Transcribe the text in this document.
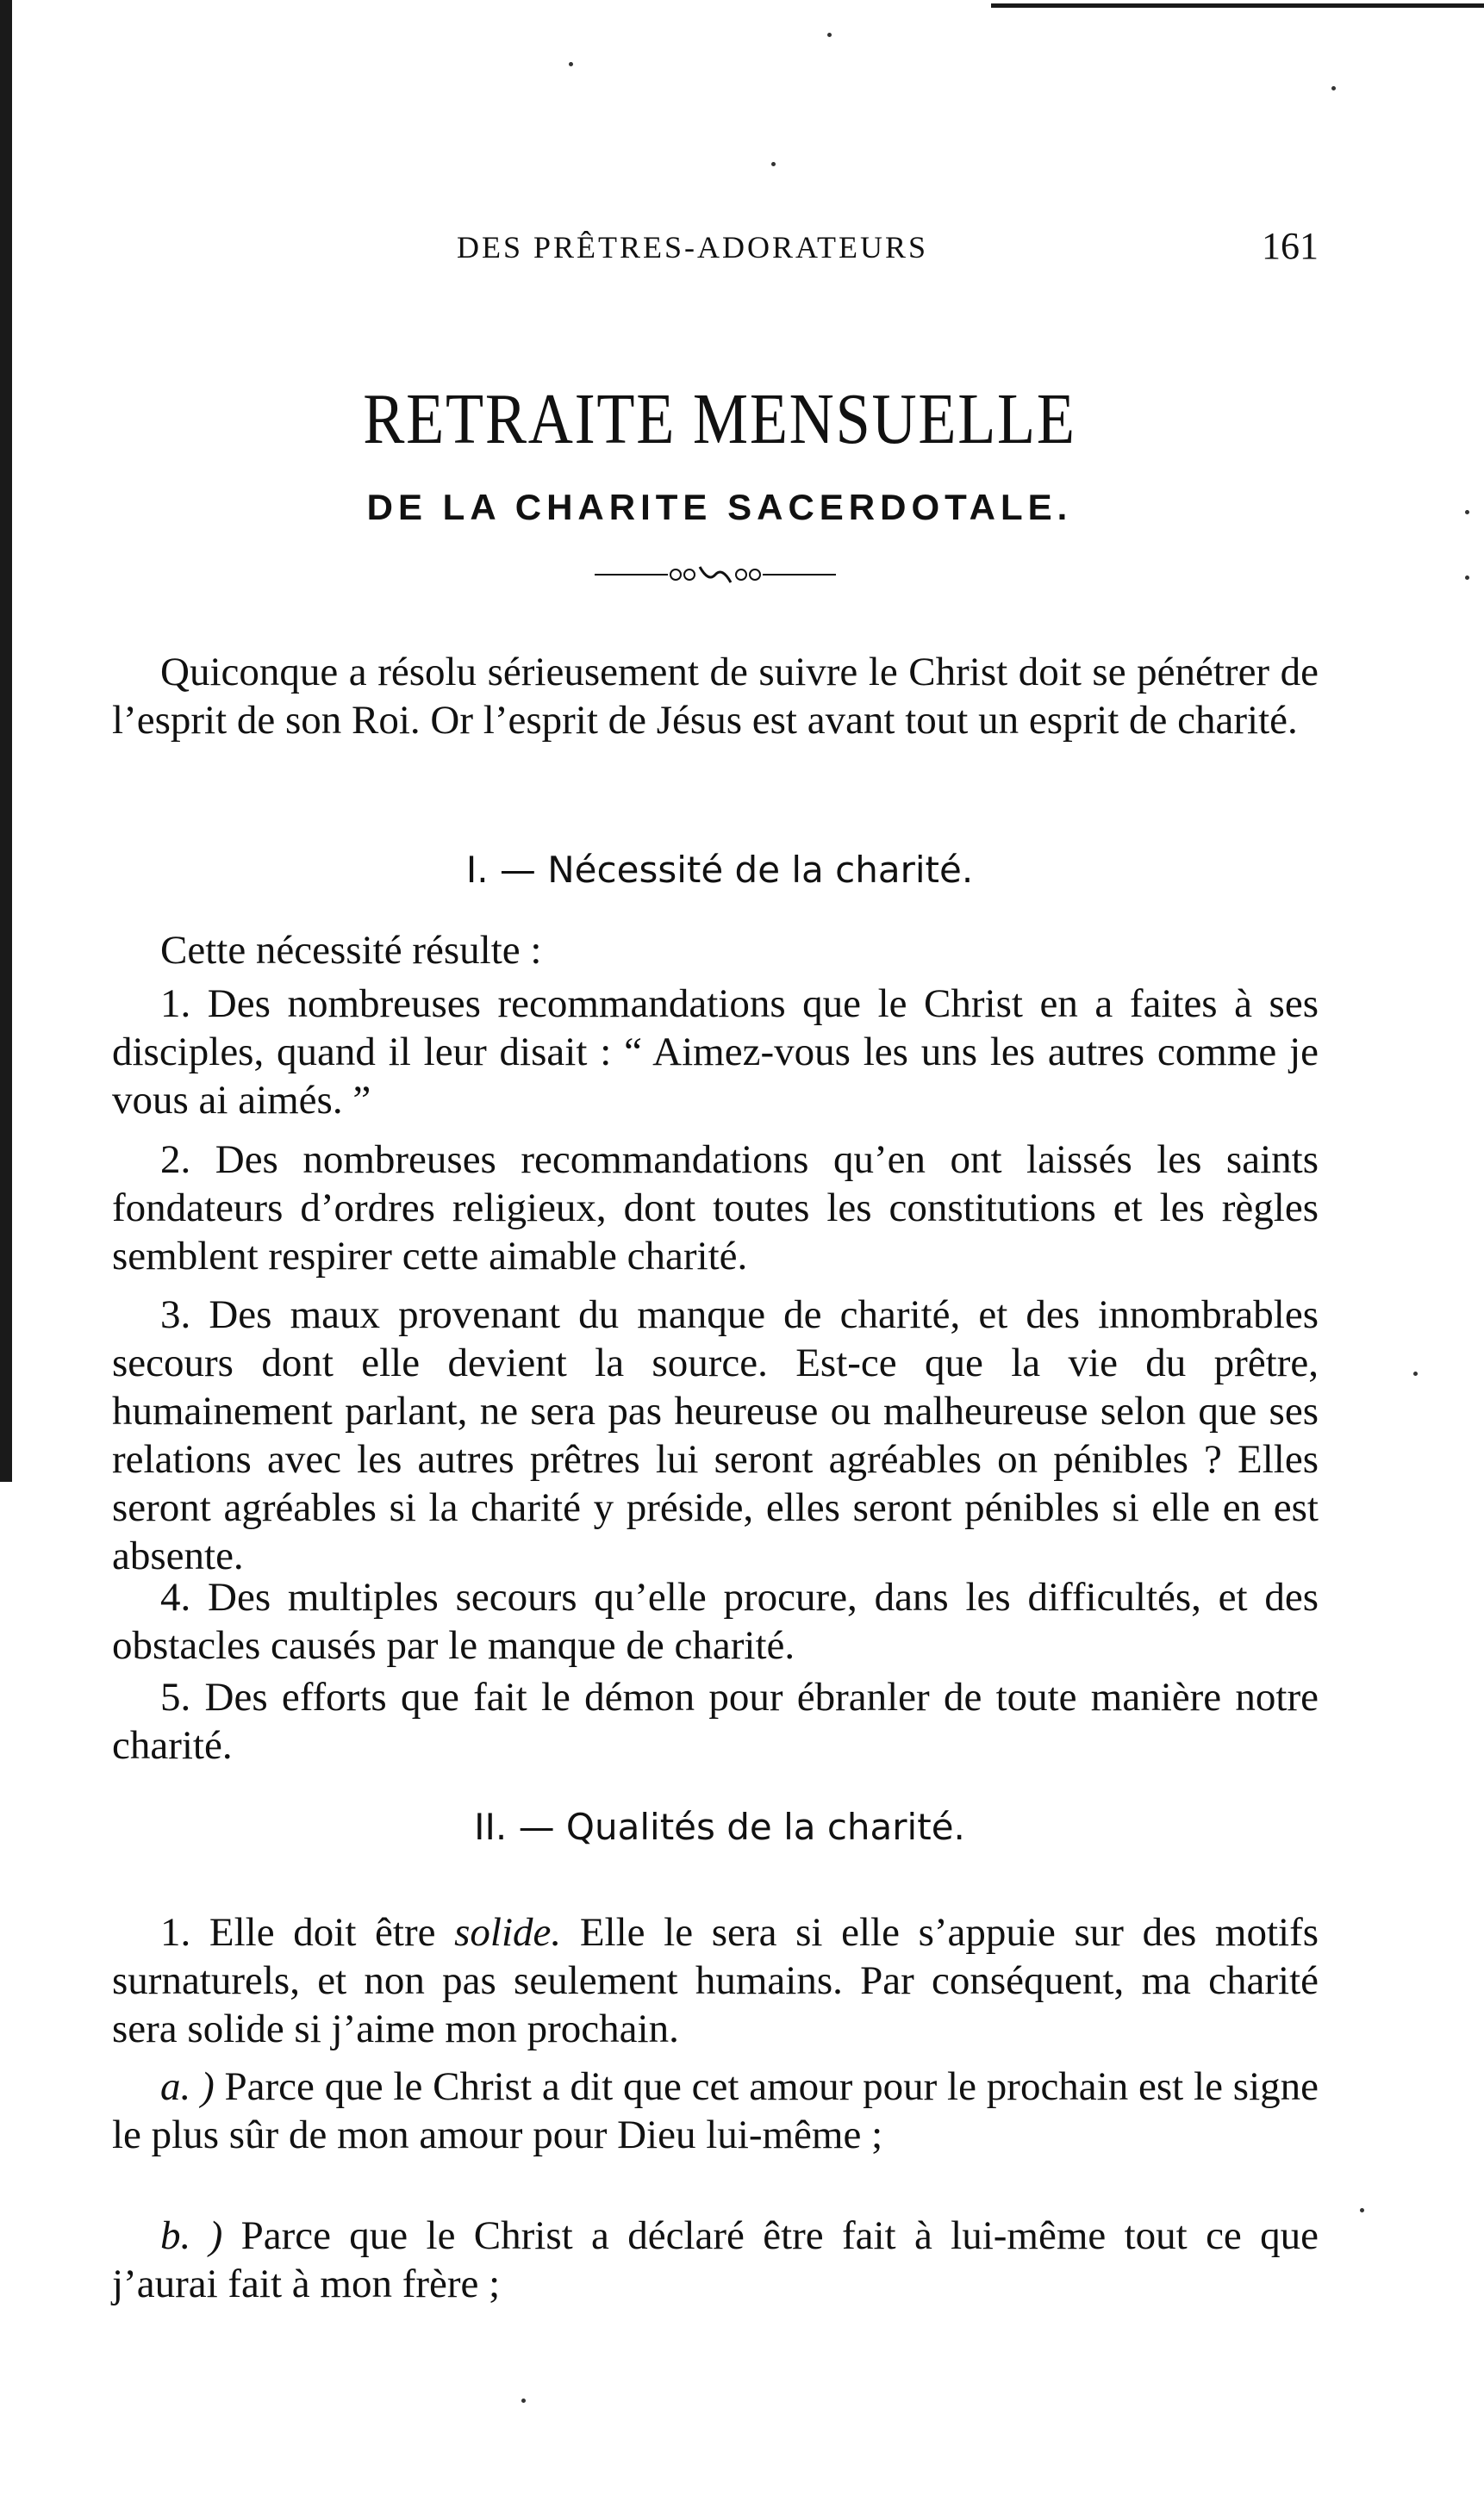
DES PRÊTRES-ADORATEURS	161
RETRAITE MENSUELLE
DE LA CHARITE SACERDOTALE.

Quiconque a résolu sérieusement de suivre le Christ doit se pénétrer de l’esprit de son Roi. Or l’esprit de Jésus est avant tout un esprit de charité.

I. — Nécessité de la charité.

Cette nécessité résulte :

1. Des nombreuses recommandations que le Christ en a faites à ses disciples, quand il leur disait : “ Aimez-vous les uns les autres comme je vous ai aimés. ”

2. Des nombreuses recommandations qu’en ont laissés les saints fondateurs d’ordres religieux, dont toutes les constitutions et les règles semblent respirer cette aimable charité.

3. Des maux provenant du manque de charité, et des innombrables secours dont elle devient la source. Est-ce que la vie du prêtre, humainement parlant, ne sera pas heureuse ou malheureuse selon que ses relations avec les autres prêtres lui seront agréables on pénibles ? Elles seront agréables si la charité y préside, elles seront pénibles si elle en est absente.

4. Des multiples secours qu’elle procure, dans les difficultés, et des obstacles causés par le manque de charité.

5. Des efforts que fait le démon pour ébranler de toute manière notre charité.

II. — Qualités de la charité.

1. Elle doit être solide. Elle le sera si elle s’appuie sur des motifs surnaturels, et non pas seulement humains. Par conséquent, ma charité sera solide si j’aime mon prochain.

a. ) Parce que le Christ a dit que cet amour pour le prochain est le signe le plus sûr de mon amour pour Dieu lui-même ;

b. ) Parce que le Christ a déclaré être fait à lui-même tout ce que j’aurai fait à mon frère ;
